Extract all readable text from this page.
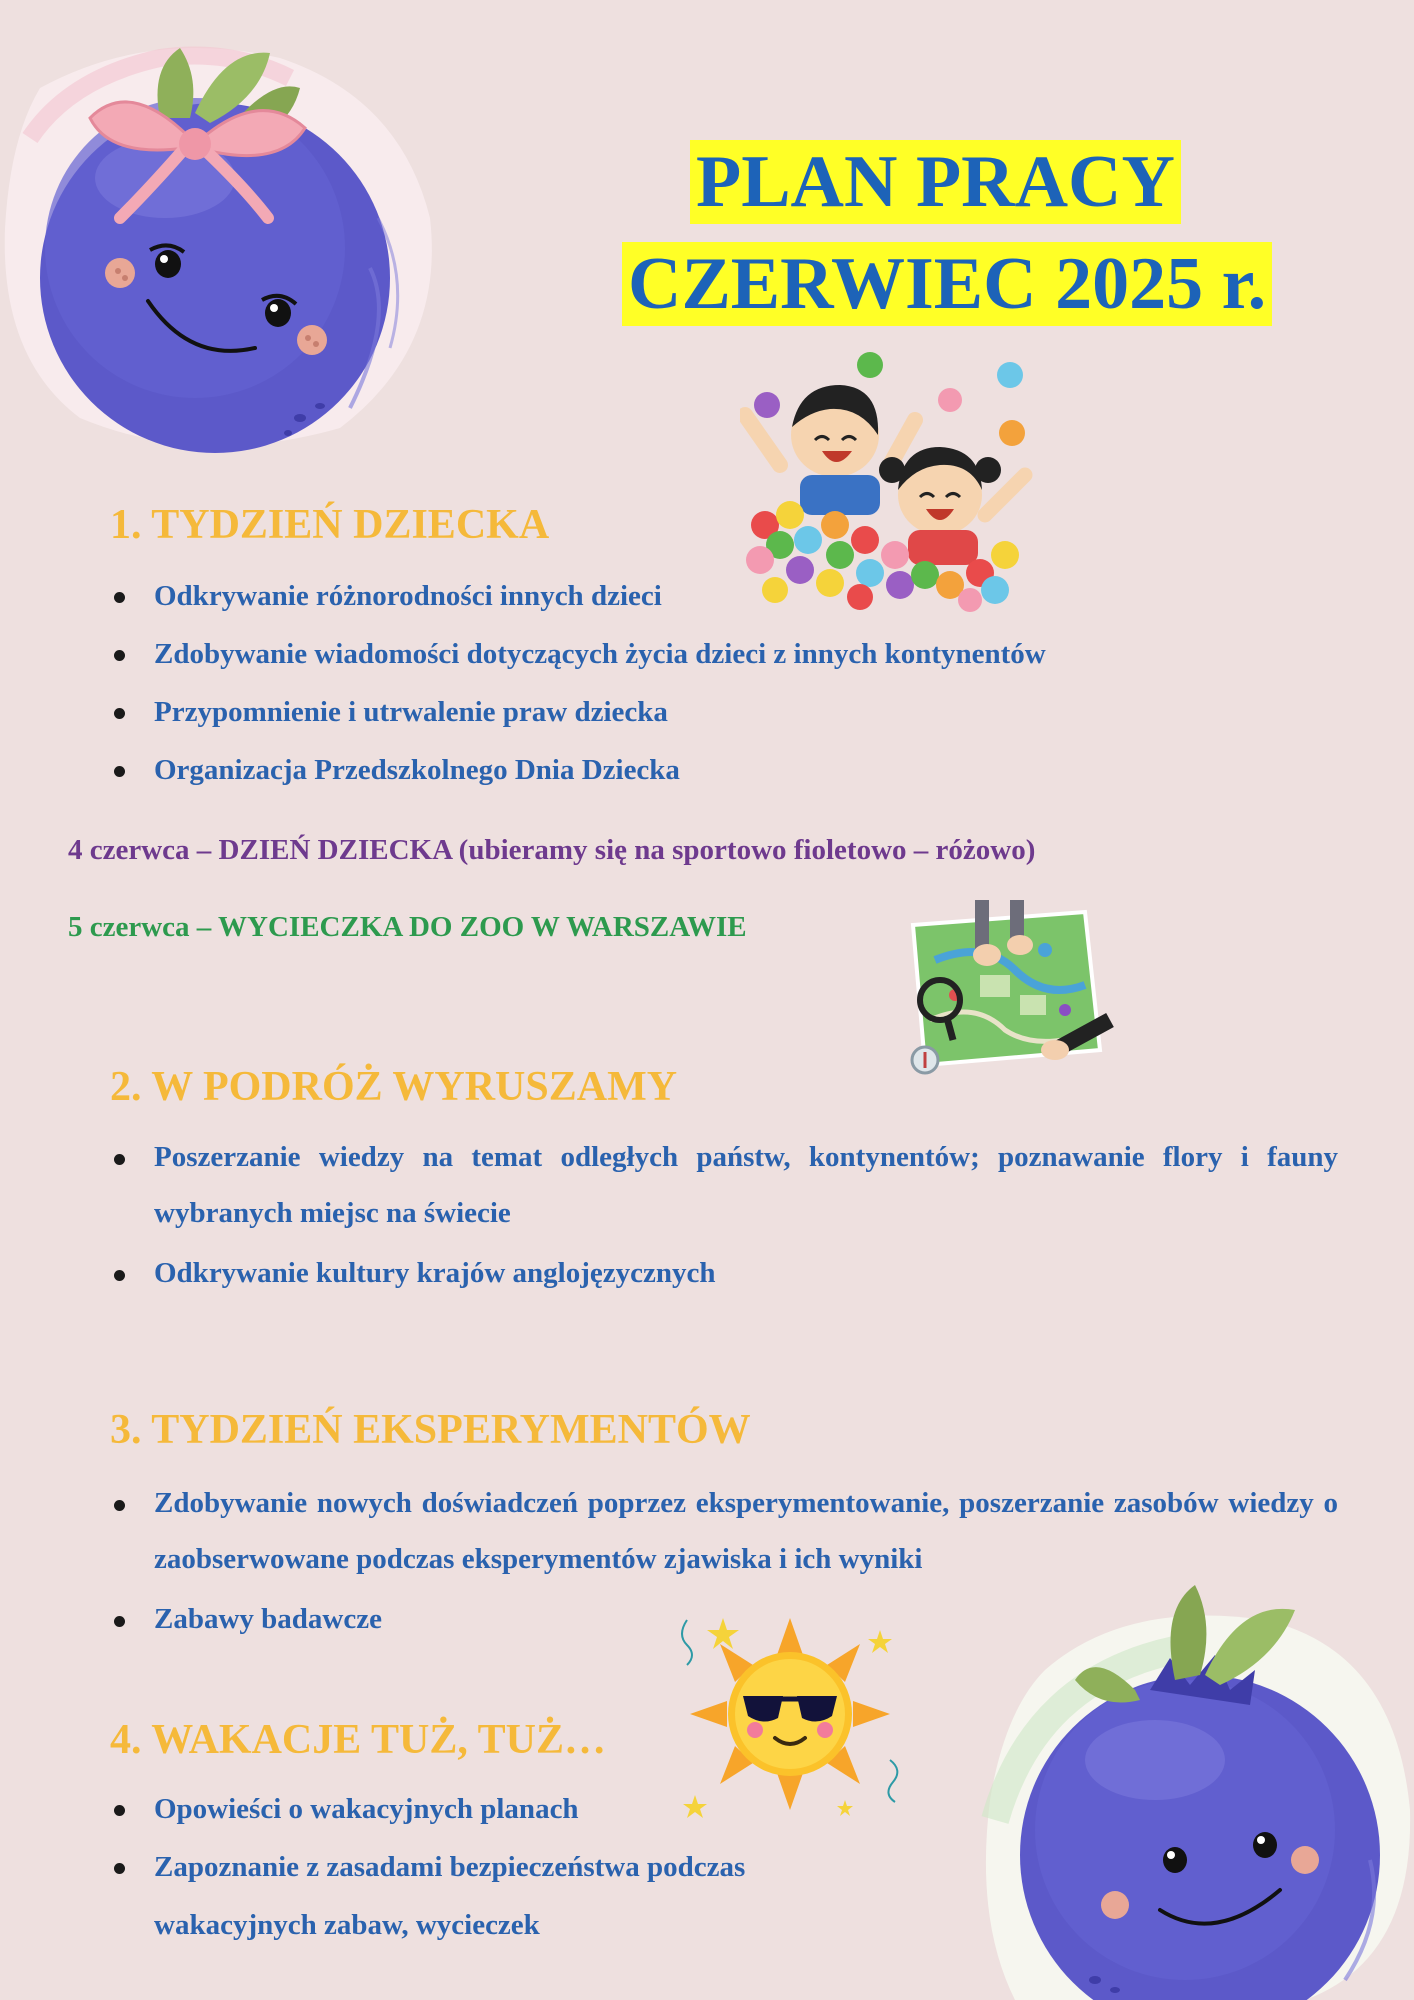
PLAN PRACY
CZERWIEC 2025 r.
1. TYDZIEŃ DZIECKA
Odkrywanie różnorodności innych dzieci
Zdobywanie wiadomości dotyczących życia dzieci z innych kontynentów
Przypomnienie i utrwalenie praw dziecka
Organizacja Przedszkolnego Dnia Dziecka
4 czerwca – DZIEŃ DZIECKA (ubieramy się na sportowo fioletowo – różowo)
5 czerwca – WYCIECZKA DO ZOO W WARSZAWIE
2. W PODRÓŻ WYRUSZAMY
Poszerzanie wiedzy na temat odległych państw, kontynentów; poznawanie flory i fauny wybranych miejsc na świecie
Odkrywanie kultury krajów anglojęzycznych
3. TYDZIEŃ EKSPERYMENTÓW
Zdobywanie nowych doświadczeń poprzez eksperymentowanie, poszerzanie zasobów wiedzy o zaobserwowane podczas eksperymentów zjawiska i ich wyniki
Zabawy badawcze
4. WAKACJE TUŻ, TUŻ…
Opowieści o wakacyjnych planach
Zapoznanie z zasadami bezpieczeństwa podczas wakacyjnych zabaw, wycieczek
